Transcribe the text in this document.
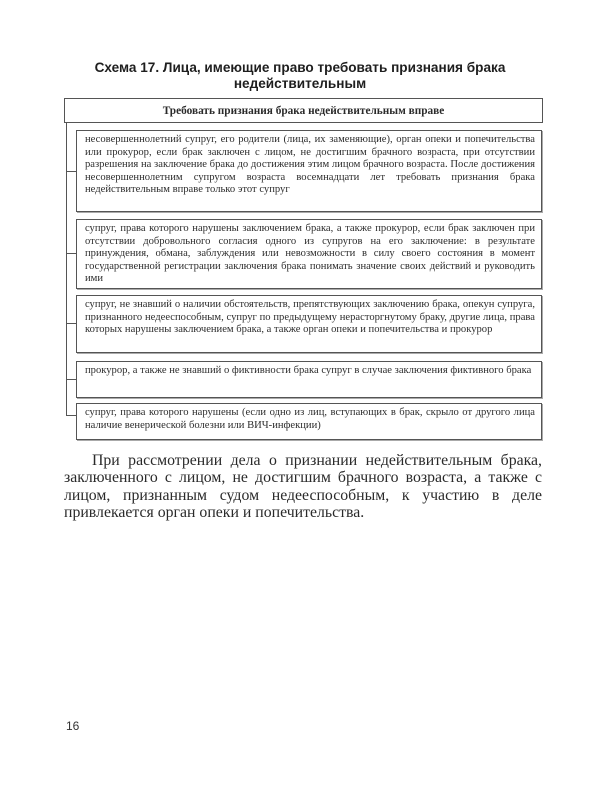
Схема 17. Лица, имеющие право требовать признания брака недействительным
Требовать признания брака недействительным вправе
несовершеннолетний супруг, его родители (лица, их заменяющие), орган опеки и попечительства или прокурор, если брак заключен с лицом, не достигшим брачного возраста, при отсутствии разрешения на заключение брака до достижения этим лицом брачного возраста. После достижения несовершеннолетним супругом возраста восемнадцати лет требовать признания брака недействительным вправе только этот супруг
супруг, права которого нарушены заключением брака, а также прокурор, если брак заключен при отсутствии добровольного согласия одного из супругов на его заключение: в результате принуждения, обмана, заблуждения или невозможности в силу своего состояния в момент государственной регистрации заключения брака понимать значение своих действий и руководить ими
супруг, не знавший о наличии обстоятельств, препятствующих заключению брака, опекун супруга, признанного недееспособным, супруг по предыдущему нерасторгнутому браку, другие лица, права которых нарушены заключением брака, а также орган опеки и попечительства и прокурор
прокурор, а также не знавший о фиктивности брака супруг в случае заключения фиктивного брака
супруг, права которого нарушены (если одно из лиц, вступающих в брак, скрыло от другого лица наличие венерической болезни или ВИЧ-инфекции)

При рассмотрении дела о признании недействительным брака, заключенного с лицом, не достигшим брачного возраста, а также с лицом, признанным судом недееспособным, к участию в деле привлекается орган опеки и попечительства.

16
